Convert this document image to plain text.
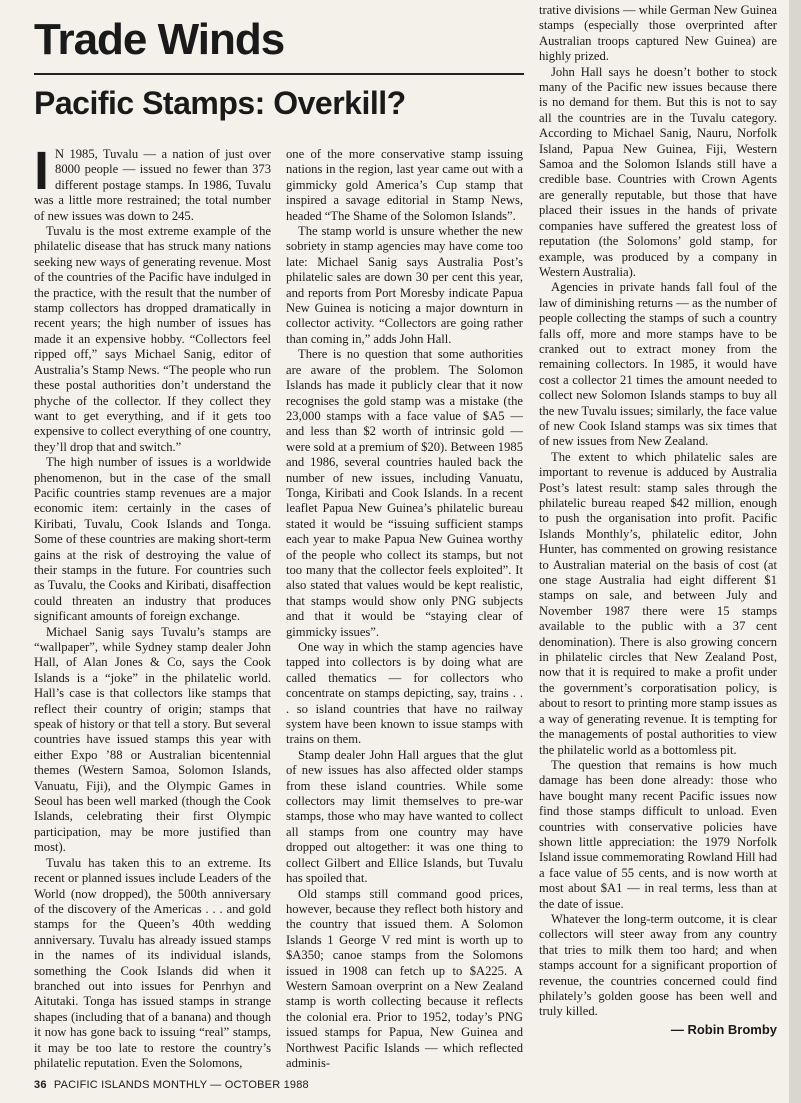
Trade Winds
Pacific Stamps: Overkill?

I N 1985, Tuvalu — a nation of just over 8000 people — issued no fewer than 373 different postage stamps. In 1986, Tuvalu was a little more restrained; the total number of new issues was down to 245.

Tuvalu is the most extreme example of the philatelic disease that has struck many nations seeking new ways of generating revenue. Most of the countries of the Pacific have indulged in the practice, with the result that the number of stamp collectors has dropped dramatically in recent years; the high number of issues has made it an expensive hobby. “Collectors feel ripped off,” says Michael Sanig, editor of Australia’s Stamp News. “The people who run these postal authorities don’t understand the phyche of the collector. If they collect they want to get everything, and if it gets too expensive to collect everything of one country, they’ll drop that and switch.”

The high number of issues is a worldwide phenomenon, but in the case of the small Pacific countries stamp revenues are a major economic item: certainly in the cases of Kiribati, Tuvalu, Cook Islands and Tonga. Some of these countries are making short-term gains at the risk of destroying the value of their stamps in the future. For countries such as Tuvalu, the Cooks and Kiribati, disaffection could threaten an industry that produces significant amounts of foreign exchange.

Michael Sanig says Tuvalu’s stamps are “wallpaper”, while Sydney stamp dealer John Hall, of Alan Jones & Co, says the Cook Islands is a “joke” in the philatelic world. Hall’s case is that collectors like stamps that reflect their country of origin; stamps that speak of history or that tell a story. But several countries have issued stamps this year with either Expo ’88 or Australian bicentennial themes (Western Samoa, Solomon Islands, Vanuatu, Fiji), and the Olympic Games in Seoul has been well marked (though the Cook Islands, celebrating their first Olympic participation, may be more justified than most).

Tuvalu has taken this to an extreme. Its recent or planned issues include Leaders of the World (now dropped), the 500th anniversary of the discovery of the Americas . . . and gold stamps for the Queen’s 40th wedding anniversary. Tuvalu has already issued stamps in the names of its individual islands, something the Cook Islands did when it branched out into issues for Penrhyn and Aitutaki. Tonga has issued stamps in strange shapes (including that of a banana) and though it now has gone back to issuing “real” stamps, it may be too late to restore the country’s philatelic reputation. Even the Solomons,

one of the more conservative stamp issuing nations in the region, last year came out with a gimmicky gold America’s Cup stamp that inspired a savage editorial in Stamp News, headed “The Shame of the Solomon Islands”.

The stamp world is unsure whether the new sobriety in stamp agencies may have come too late: Michael Sanig says Australia Post’s philatelic sales are down 30 per cent this year, and reports from Port Moresby indicate Papua New Guinea is noticing a major downturn in collector activity. “Collectors are going rather than coming in,” adds John Hall.

There is no question that some authorities are aware of the problem. The Solomon Islands has made it publicly clear that it now recognises the gold stamp was a mistake (the 23,000 stamps with a face value of $A5 — and less than $2 worth of intrinsic gold — were sold at a premium of $20). Between 1985 and 1986, several countries hauled back the number of new issues, including Vanuatu, Tonga, Kiribati and Cook Islands. In a recent leaflet Papua New Guinea’s philatelic bureau stated it would be “issuing sufficient stamps each year to make Papua New Guinea worthy of the people who collect its stamps, but not too many that the collector feels exploited”. It also stated that values would be kept realistic, that stamps would show only PNG subjects and that it would be “staying clear of gimmicky issues”.

One way in which the stamp agencies have tapped into collectors is by doing what are called thematics — for collectors who concentrate on stamps depicting, say, trains . . . so island countries that have no railway system have been known to issue stamps with trains on them.

Stamp dealer John Hall argues that the glut of new issues has also affected older stamps from these island countries. While some collectors may limit themselves to pre-war stamps, those who may have wanted to collect all stamps from one country may have dropped out altogether: it was one thing to collect Gilbert and Ellice Islands, but Tuvalu has spoiled that.

Old stamps still command good prices, however, because they reflect both history and the country that issued them. A Solomon Islands 1 George V red mint is worth up to $A350; canoe stamps from the Solomons issued in 1908 can fetch up to $A225. A Western Samoan overprint on a New Zealand stamp is worth collecting because it reflects the colonial era. Prior to 1952, today’s PNG issued stamps for Papua, New Guinea and Northwest Pacific Islands — which reflected adminis-

trative divisions — while German New Guinea stamps (especially those overprinted after Australian troops captured New Guinea) are highly prized.

John Hall says he doesn’t bother to stock many of the Pacific new issues because there is no demand for them. But this is not to say all the countries are in the Tuvalu category. According to Michael Sanig, Nauru, Norfolk Island, Papua New Guinea, Fiji, Western Samoa and the Solomon Islands still have a credible base. Countries with Crown Agents are generally reputable, but those that have placed their issues in the hands of private companies have suffered the greatest loss of reputation (the Solomons’ gold stamp, for example, was produced by a company in Western Australia).

Agencies in private hands fall foul of the law of diminishing returns — as the number of people collecting the stamps of such a country falls off, more and more stamps have to be cranked out to extract money from the remaining collectors. In 1985, it would have cost a collector 21 times the amount needed to collect new Solomon Islands stamps to buy all the new Tuvalu issues; similarly, the face value of new Cook Island stamps was six times that of new issues from New Zealand.

The extent to which philatelic sales are important to revenue is adduced by Australia Post’s latest result: stamp sales through the philatelic bureau reaped $42 million, enough to push the organisation into profit. Pacific Islands Monthly’s, philatelic editor, John Hunter, has commented on growing resistance to Australian material on the basis of cost (at one stage Australia had eight different $1 stamps on sale, and between July and November 1987 there were 15 stamps available to the public with a 37 cent denomination). There is also growing concern in philatelic circles that New Zealand Post, now that it is required to make a profit under the government’s corporatisation policy, is about to resort to printing more stamp issues as a way of generating revenue. It is tempting for the managements of postal authorities to view the philatelic world as a bottomless pit.

The question that remains is how much damage has been done already: those who have bought many recent Pacific issues now find those stamps difficult to unload. Even countries with conservative policies have shown little appreciation: the 1979 Norfolk Island issue commemorating Rowland Hill had a face value of 55 cents, and is now worth at most about $A1 — in real terms, less than at the date of issue.

Whatever the long-term outcome, it is clear collectors will steer away from any country that tries to milk them too hard; and when stamps account for a significant proportion of revenue, the countries concerned could find philately’s golden goose has been well and truly killed.

— Robin Bromby
36 PACIFIC ISLANDS MONTHLY — OCTOBER 1988
